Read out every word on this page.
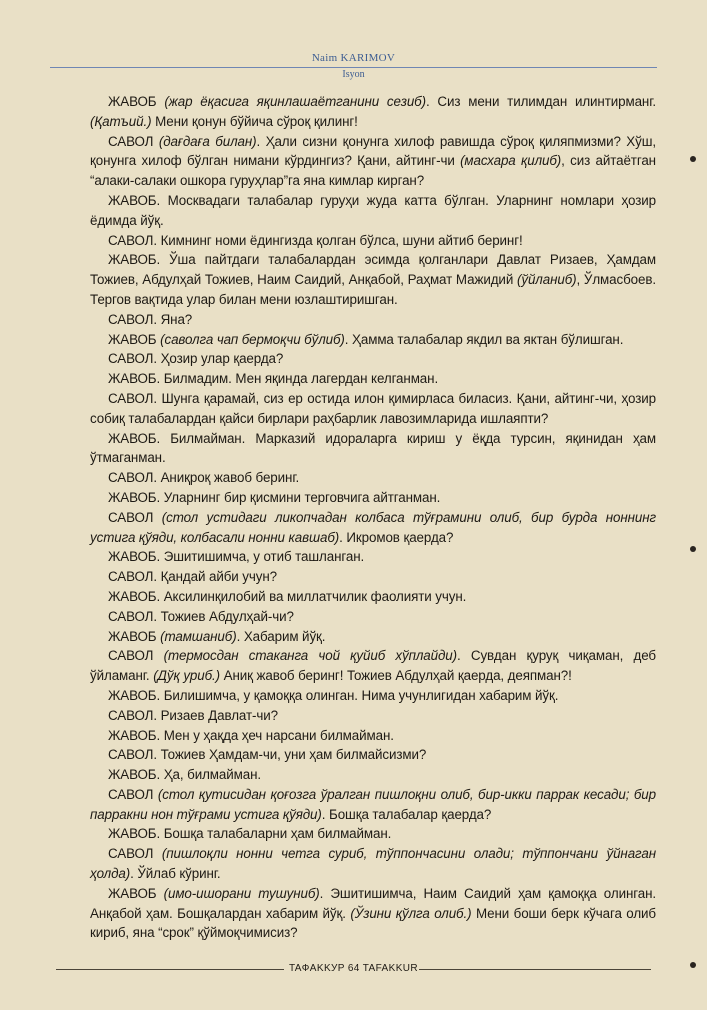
Naim KARIMOV
Isyon

ЖАВОБ (жар ёқасига яқинлашаётганини сезиб). Сиз мени тилимдан илинтирманг. (Қатъий.) Мени қонун бўйича сўроқ қилинг!

САВОЛ (дағдаға билан). Ҳали сизни қонунга хилоф равишда сўроқ қиляпмизми? Хўш, қонунга хилоф бўлган нимани кўрдингиз? Қани, айтинг-чи (масхара қилиб), сиз айтаётган “алаки-салаки ошкора гуруҳлар”га яна кимлар кирган?

ЖАВОБ. Москвадаги талабалар гуруҳи жуда катта бўлган. Уларнинг номлари ҳозир ёдимда йўқ.

САВОЛ. Кимнинг номи ёдингизда қолган бўлса, шуни айтиб беринг!

ЖАВОБ. Ўша пайтдаги талабалардан эсимда қолганлари Давлат Ризаев, Ҳамдам Тожиев, Абдулҳай Тожиев, Наим Саидий, Анқабой, Раҳмат Мажидий (ўйланиб), Ўлмасбоев. Тергов вақтида улар билан мени юзлаштиришган.

САВОЛ. Яна?

ЖАВОБ (саволга чап бермоқчи бўлиб). Ҳамма талабалар якдил ва яктан бўлишган.

САВОЛ. Ҳозир улар қаерда?

ЖАВОБ. Билмадим. Мен яқинда лагердан келганман.

САВОЛ. Шунга қарамай, сиз ер остида илон қимирласа биласиз. Қани, айтинг-чи, ҳозир собиқ талабалардан қайси бирлари раҳбарлик лавозимларида ишлаяпти?

ЖАВОБ. Билмайман. Марказий идораларга кириш у ёқда турсин, яқинидан ҳам ўтмаганман.

САВОЛ. Аниқроқ жавоб беринг.

ЖАВОБ. Уларнинг бир қисмини терговчига айтганман.

САВОЛ (стол устидаги ликопчадан колбаса тўғрамини олиб, бир бурда ноннинг устига қўяди, колбасали нонни кавшаб). Икромов қаерда?

ЖАВОБ. Эшитишимча, у отиб ташланган.

САВОЛ. Қандай айби учун?

ЖАВОБ. Аксилинқилобий ва миллатчилик фаолияти учун.

САВОЛ. Тожиев Абдулҳай-чи?

ЖАВОБ (тамшаниб). Хабарим йўқ.

САВОЛ (термосдан стаканга чой қуйиб хўплайди). Сувдан қуруқ чиқаман, деб ўйламанг. (Дўқ уриб.) Аниқ жавоб беринг! Тожиев Абдулҳай қаерда, деяпман?!

ЖАВОБ. Билишимча, у қамоққа олинган. Нима учунлигидан хабарим йўқ.

САВОЛ. Ризаев Давлат-чи?

ЖАВОБ. Мен у ҳақда ҳеч нарсани билмайман.

САВОЛ. Тожиев Ҳамдам-чи, уни ҳам билмайсизми?

ЖАВОБ. Ҳа, билмайман.

САВОЛ (стол қутисидан қоғозга ўралган пишлоқни олиб, бир-икки паррак кесади; бир парракни нон тўғрами устига қўяди). Бошқа талабалар қаерда?

ЖАВОБ. Бошқа талабаларни ҳам билмайман.

САВОЛ (пишлоқли нонни четга суриб, тўппончасини олади; тўппончани ўйнаган ҳолда). Ўйлаб кўринг.

ЖАВОБ (имо-ишорани тушуниб). Эшитишимча, Наим Саидий ҳам қамоққа олинган. Анқабой ҳам. Бошқалардан хабарим йўқ. (Ўзини қўлга олиб.) Мени боши берк кўчага олиб кириб, яна “срок” қўймоқчимисиз?

TAФAKKУP 64 TAFAKKUR
